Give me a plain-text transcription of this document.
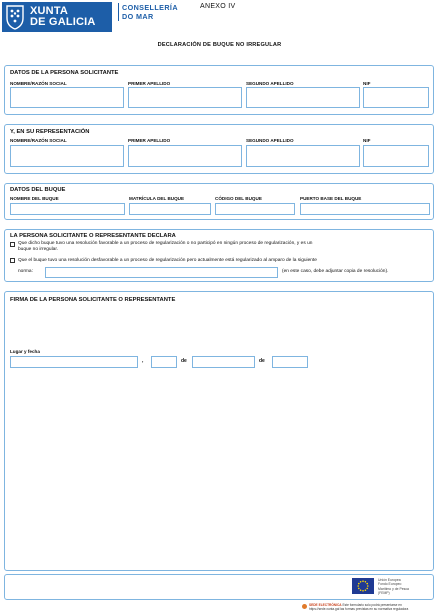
XUNTA
DE GALICIA
CONSELLERÍA
DO MAR
ANEXO IV
DECLARACIÓN DE BUQUE NO IRREGULAR
DATOS DE LA PERSONA SOLICITANTE
NOMBRE/RAZÓN SOCIAL	PRIMER APELLIDO	SEGUNDO APELLIDO	NIF
Y, EN SU REPRESENTACIÓN
NOMBRE/RAZÓN SOCIAL	PRIMER APELLIDO	SEGUNDO APELLIDO	NIF
DATOS DEL BUQUE
NOMBRE DEL BUQUE	MATRÍCULA DEL BUQUE	CÓDIGO DEL BUQUE	PUERTO BASE DEL BUQUE
LA PERSONA SOLICITANTE O REPRESENTANTE DECLARA
Que dicho buque tuvo una resolución favorable a un proceso de regularización o no participó en ningún proceso de regularización, y es un
buque no irregular.
Que el buque tuvo una resolución desfavorable a un proceso de regularización pero actualmente está regularizado al amparo de la siguiente
norma:	(en este caso, debe adjuntar copia de resolución).
FIRMA DE LA PERSONA SOLICITANTE O REPRESENTANTE
Lugar y fecha
,	de	de
Unión Europea
Fondo Europeo
Marítimo y de Pesca
(FEMP)
SEDE ELECTRÓNICA Este formulario solo podrá presentarse en
https://sede.xunta.gal las formas previstas en su normativa reguladora
